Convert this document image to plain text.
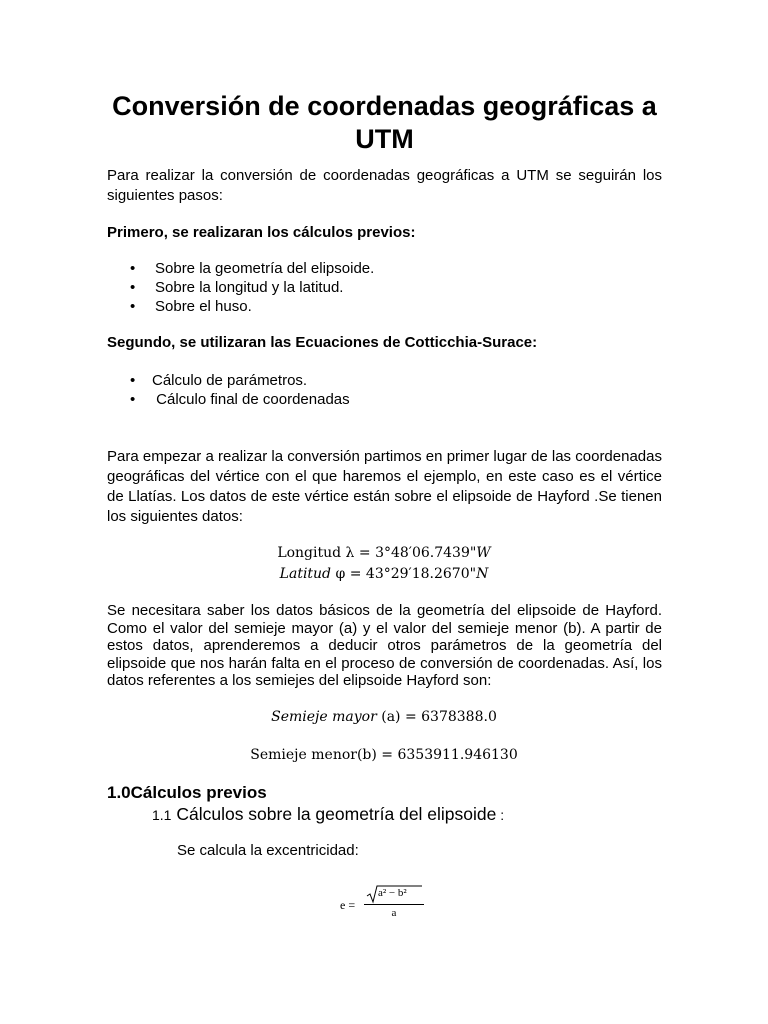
Conversión de coordenadas geográficas a
UTM
Para realizar la conversión de coordenadas geográficas a UTM se seguirán los siguientes pasos:
Primero, se realizaran los cálculos previos:
• Sobre la geometría del elipsoide.
• Sobre la longitud y la latitud.
• Sobre el huso.
Segundo, se utilizaran las Ecuaciones de Cotticchia-Surace:
• Cálculo de parámetros.
•  Cálculo final de coordenadas
Para empezar a realizar la conversión partimos en primer lugar de las coordenadas geográficas del vértice con el que haremos el ejemplo, en este caso es el vértice de Llatías. Los datos de este vértice están sobre el elipsoide de Hayford .Se tienen los siguientes datos:
Longitud λ = 3°48′06.7439"W
Latitud φ = 43°29′18.2670"N
Se necesitara saber los datos básicos de la geometría del elipsoide de Hayford. Como el valor del semieje mayor (a) y el valor del semieje menor (b). A partir de estos datos, aprenderemos a deducir otros parámetros de la geometría del elipsoide que nos harán falta en el proceso de conversión de coordenadas. Así, los datos referentes a los semiejes del elipsoide Hayford son:
Semieje mayor (a) = 6378388.0
Semieje menor(b) = 6353911.946130
1.0Cálculos previos
1.1 Cálculos sobre la geometría del elipsoide :
Se calcula la excentricidad:
$e = \frac{\text{a² − b²}}{a}$
